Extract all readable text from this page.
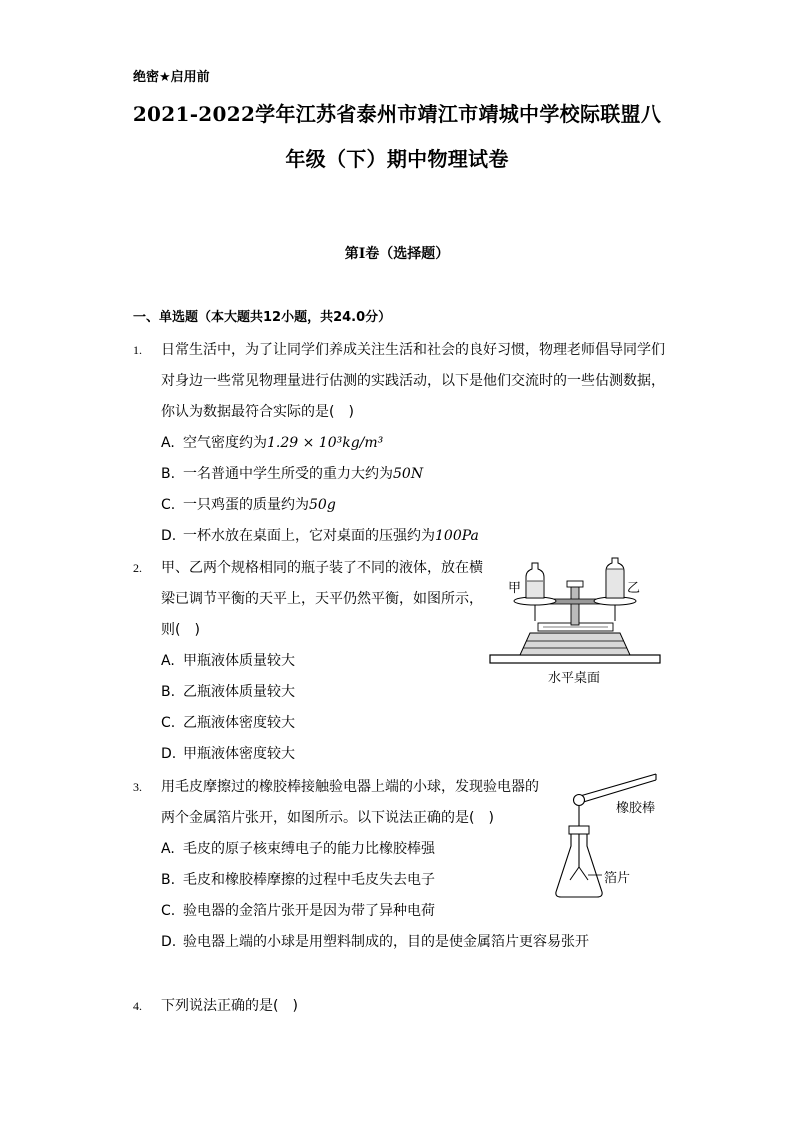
绝密★启用前
2021-2022学年江苏省泰州市靖江市靖城中学校际联盟八
年级（下）期中物理试卷
第I卷（选择题）
一、单选题（本大题共12小题，共24.0分）
1. 日常生活中，为了让同学们养成关注生活和社会的良好习惯，物理老师倡导同学们
对身边一些常见物理量进行估测的实践活动，以下是他们交流时的一些估测数据，
你认为数据最符合实际的是(　)
A. 空气密度约为1.29 × 10³kg/m³
B. 一名普通中学生所受的重力大约为50N
C. 一只鸡蛋的质量约为50g
D. 一杯水放在桌面上，它对桌面的压强约为100Pa
2. 甲、乙两个规格相同的瓶子装了不同的液体，放在横
梁已调节平衡的天平上，天平仍然平衡，如图所示，
则(　)
A. 甲瓶液体质量较大
B. 乙瓶液体质量较大
C. 乙瓶液体密度较大
D. 甲瓶液体密度较大
甲	乙
水平桌面
3. 用毛皮摩擦过的橡胶棒接触验电器上端的小球，发现验电器的
两个金属箔片张开，如图所示。以下说法正确的是(　)
A. 毛皮的原子核束缚电子的能力比橡胶棒强
B. 毛皮和橡胶棒摩擦的过程中毛皮失去电子
C. 验电器的金箔片张开是因为带了异种电荷
D. 验电器上端的小球是用塑料制成的，目的是使金属箔片更容易张开
橡胶棒
箔片
4. 下列说法正确的是(　)
